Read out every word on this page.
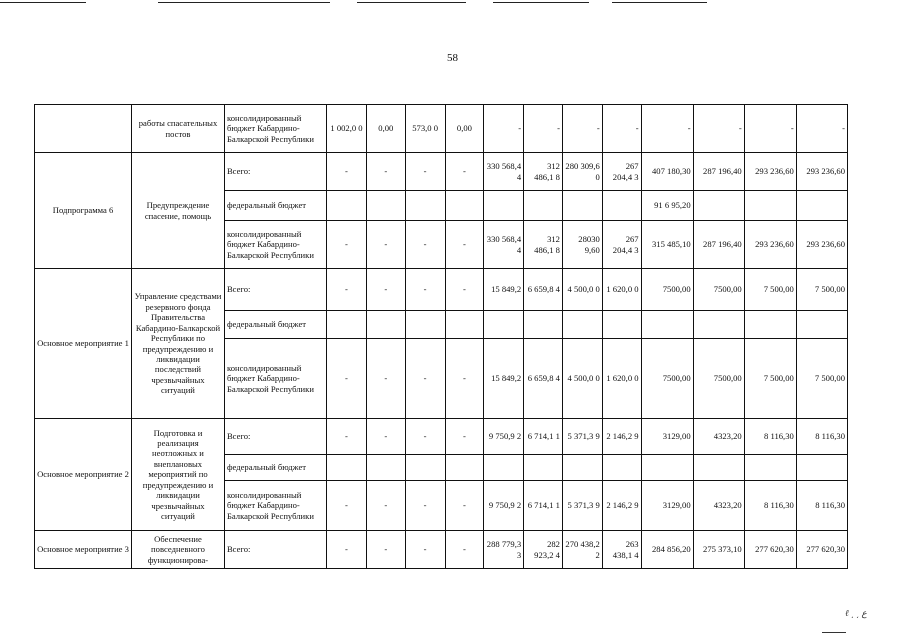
58
	работы спасательных постов	консолидированный бюджет Кабардино-Балкарской Республики	1 002,0 0	0,00	573,0 0	0,00	-	-	-	-	-	-	-	-
Подпрограмма 6	Предупреждение спасение, помощь	Всего:	-	-	-	-	330 568,4 4	312 486,1 8	280 309,6 0	267 204,4 3	407 180,30	287 196,40	293 236,60	293 236,60
		федеральный бюджет									91 6 95,20			
		консолидированный бюджет Кабардино-Балкарской Республики	-	-	-	-	330 568,4 4	312 486,1 8	28030 9,60	267 204,4 3	315 485,10	287 196,40	293 236,60	293 236,60
Основное мероприятие 1	Управление средствами резервного фонда Правительства Кабардино-Балкарской Республики по предупреждению и ликвидации последствий чрезвычайных ситуаций	Всего:	-	-	-	-	15 849,2	6 659,8 4	4 500,0 0	1 620,0 0	7500,00	7500,00	7 500,00	7 500,00
		федеральный бюджет												
		консолидированный бюджет Кабардино-Балкарской Республики	-	-	-	-	15 849,2	6 659,8 4	4 500,0 0	1 620,0 0	7500,00	7500,00	7 500,00	7 500,00
Основное мероприятие 2	Подготовка и реализация неотложных и внеплановых мероприятий по предупреждению и ликвидации чрезвычайных ситуаций	Всего:	-	-	-	-	9 750,9 2	6 714,1 1	5 371,3 9	2 146,2 9	3129,00	4323,20	8 116,30	8 116,30
		федеральный бюджет												
		консолидированный бюджет Кабардино-Балкарской Республики	-	-	-	-	9 750,9 2	6 714,1 1	5 371,3 9	2 146,2 9	3129,00	4323,20	8 116,30	8 116,30
Основное мероприятие 3	Обеспечение повседневного функционирова-	Всего:	-	-	-	-	288 779,3 3	282 923,2 4	270 438,2 2	263 438,1 4	284 856,20	275 373,10	277 620,30	277 620,30
ℓ ͵ ͵ ع
